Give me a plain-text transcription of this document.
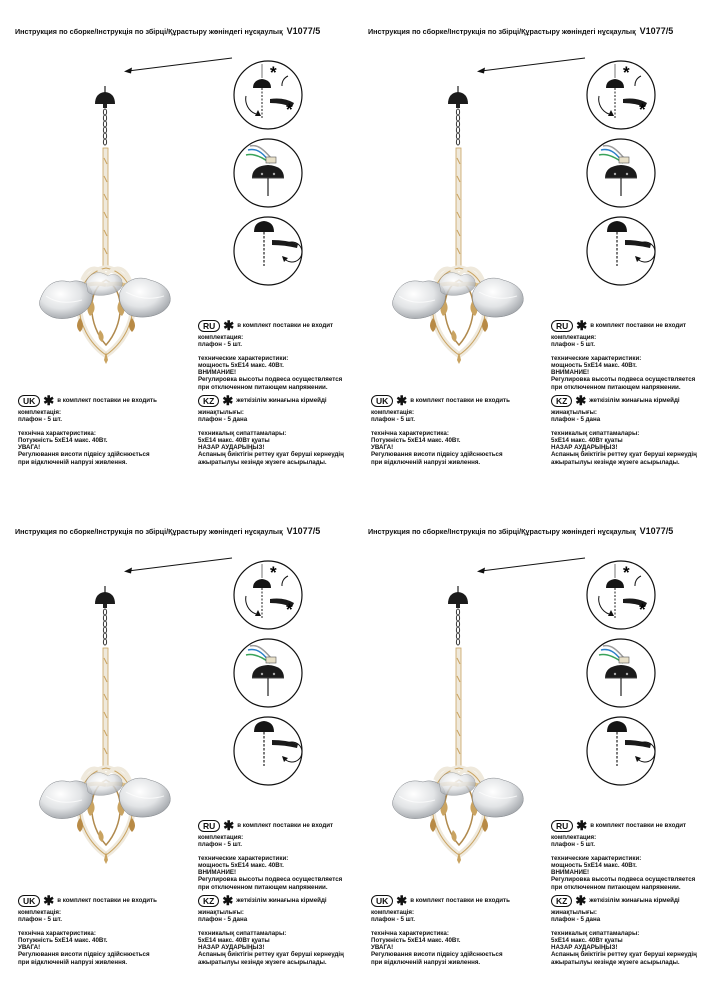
Инструкция по сборке/Інструкція по збірці/Құрастыру жөніндегі нұсқаулық V1077/5
*
*
RU ✱ в комплект поставки не входит

комплектация:

плафон - 5 шт.

технические характеристики:

мощность 5xE14 макс. 40Вт.

ВНИМАНИЕ!

Регулировка высоты подвеса осуществляется

при отключенном питающем напряжении.

UK ✱ в комплект поставки не входить

комплектація:

плафон - 5 шт.

технічна характеристика:

Потужність 5xE14 макс. 40Вт.

УВАГА!

Регулювання висоти підвісу здійснюється

при відключеній напрузі живлення.

KZ ✱ жеткізілім жинағына кірмейді

жинақтылығы:

плафон - 5 дана

техникалық сипаттамалары:

5xE14 макс. 40Вт қуаты

НАЗАР АУДАРЫҢЫЗ!

Аспаның биіктігін реттеу қуат беруші кернеудің

ажыратылуы кезінде жүзеге асырылады.

Инструкция по сборке/Інструкція по збірці/Құрастыру жөніндегі нұсқаулық V1077/5
*
*
RU ✱ в комплект поставки не входит

комплектация:

плафон - 5 шт.

технические характеристики:

мощность 5xE14 макс. 40Вт.

ВНИМАНИЕ!

Регулировка высоты подвеса осуществляется

при отключенном питающем напряжении.

UK ✱ в комплект поставки не входить

комплектація:

плафон - 5 шт.

технічна характеристика:

Потужність 5xE14 макс. 40Вт.

УВАГА!

Регулювання висоти підвісу здійснюється

при відключеній напрузі живлення.

KZ ✱ жеткізілім жинағына кірмейді

жинақтылығы:

плафон - 5 дана

техникалық сипаттамалары:

5xE14 макс. 40Вт қуаты

НАЗАР АУДАРЫҢЫЗ!

Аспаның биіктігін реттеу қуат беруші кернеудің

ажыратылуы кезінде жүзеге асырылады.

Инструкция по сборке/Інструкція по збірці/Құрастыру жөніндегі нұсқаулық V1077/5
*
*
RU ✱ в комплект поставки не входит

комплектация:

плафон - 5 шт.

технические характеристики:

мощность 5xE14 макс. 40Вт.

ВНИМАНИЕ!

Регулировка высоты подвеса осуществляется

при отключенном питающем напряжении.

UK ✱ в комплект поставки не входить

комплектація:

плафон - 5 шт.

технічна характеристика:

Потужність 5xE14 макс. 40Вт.

УВАГА!

Регулювання висоти підвісу здійснюється

при відключеній напрузі живлення.

KZ ✱ жеткізілім жинағына кірмейді

жинақтылығы:

плафон - 5 дана

техникалық сипаттамалары:

5xE14 макс. 40Вт қуаты

НАЗАР АУДАРЫҢЫЗ!

Аспаның биіктігін реттеу қуат беруші кернеудің

ажыратылуы кезінде жүзеге асырылады.

Инструкция по сборке/Інструкція по збірці/Құрастыру жөніндегі нұсқаулық V1077/5
*
*
RU ✱ в комплект поставки не входит

комплектация:

плафон - 5 шт.

технические характеристики:

мощность 5xE14 макс. 40Вт.

ВНИМАНИЕ!

Регулировка высоты подвеса осуществляется

при отключенном питающем напряжении.

UK ✱ в комплект поставки не входить

комплектація:

плафон - 5 шт.

технічна характеристика:

Потужність 5xE14 макс. 40Вт.

УВАГА!

Регулювання висоти підвісу здійснюється

при відключеній напрузі живлення.

KZ ✱ жеткізілім жинағына кірмейді

жинақтылығы:

плафон - 5 дана

техникалық сипаттамалары:

5xE14 макс. 40Вт қуаты

НАЗАР АУДАРЫҢЫЗ!

Аспаның биіктігін реттеу қуат беруші кернеудің

ажыратылуы кезінде жүзеге асырылады.
